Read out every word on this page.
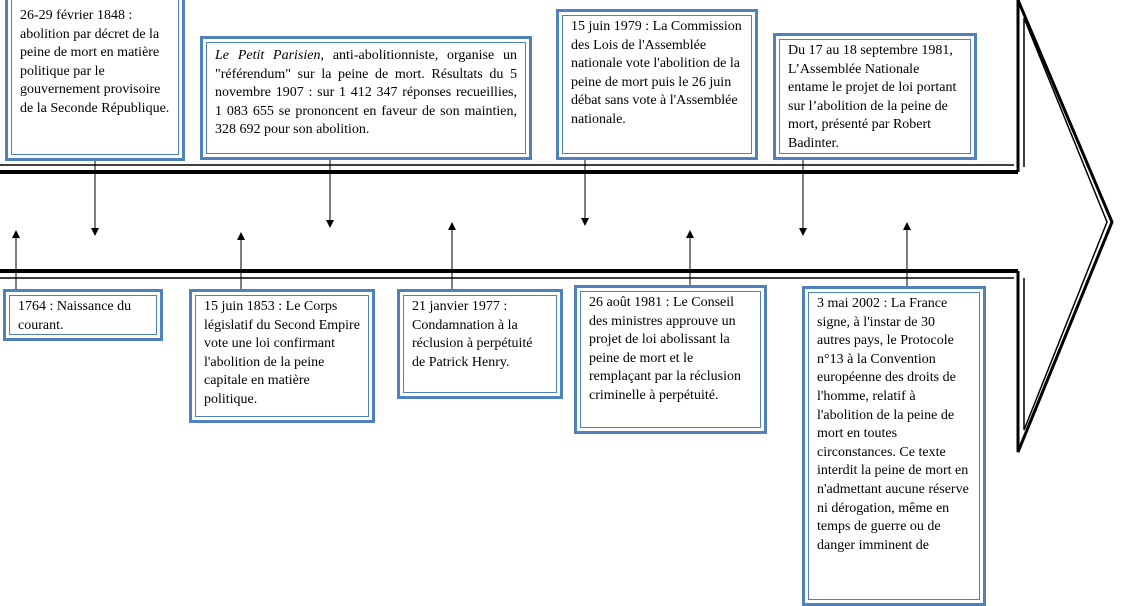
26-29 février 1848 : abolition par décret de la peine de mort en matière politique par le gouvernement provisoire de la Seconde République.
Le Petit Parisien, anti-abolitionniste, organise un "référendum" sur la peine de mort. Résultats du 5 novembre 1907 : sur 1 412 347 réponses recueillies, 1 083 655 se prononcent en faveur de son maintien, 328 692 pour son abolition.
15 juin 1979 : La Commission des Lois de l'Assemblée nationale vote l'abolition de la peine de mort puis le 26 juin débat sans vote à l'Assemblée nationale.
Du 17 au 18 septembre 1981, L’Assemblée Nationale entame le projet de loi portant sur l’abolition de la peine de mort, présenté par Robert Badinter.
1764 : Naissance du courant.
15 juin 1853 : Le Corps législatif du Second Empire vote une loi confirmant l'abolition de la peine capitale en matière politique.
21 janvier 1977 : Condamnation à la réclusion à perpétuité de Patrick Henry.
26 août 1981 : Le Conseil des ministres approuve un projet de loi abolissant la peine de mort et le remplaçant par la réclusion criminelle à perpétuité.
3 mai 2002 : La France signe, à l'instar de 30 autres pays, le Protocole n°13 à la Convention européenne des droits de l'homme, relatif à l'abolition de la peine de mort en toutes circonstances. Ce texte interdit la peine de mort en n'admettant aucune réserve ni dérogation, même en temps de guerre ou de danger imminent de
